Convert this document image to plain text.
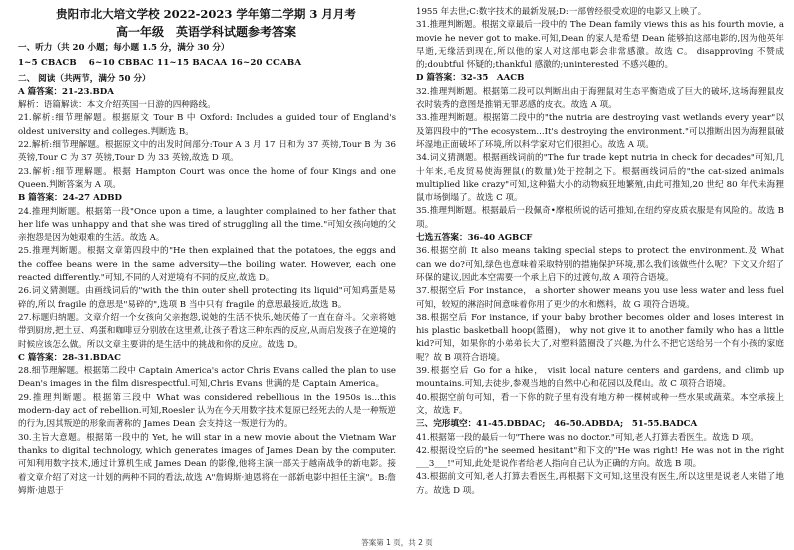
贵阳市北大培文学校 2022-2023 学年第二学期 3 月月考
高一年级　英语学科试题参考答案

一、听力（共 20 小题；每小题 1.5 分，满分 30 分）

1~5 CBACB　 6~10 CBBAC 11~15 BACAA 16~20 CCABA

二、 阅读（共两节，满分 50 分）

A 篇答案：21-23.BDA

解析：语篇解读：本文介绍英国一日游的四种路线。

21.解析:细节理解题。根据原文 Tour B 中 Oxford: Includes a guided tour of England's oldest university and colleges.判断选 B。

22.解析:细节理解题。根据原文中的出发时间部分:Tour A 3 月 17 日和为 37 英镑,Tour B 为 36 英镑,Tour C 为 37 英镑,Tour D 为 33 英镑,故选 D 项。

23.解析:细节理解题。根据 Hampton Court was once the home of four Kings and one Queen.判断答案为 A 项。

B 篇答案：24-27 ADBD

24.推理判断题。根据第一段"Once upon a time, a laughter complained to her father that her life was unhappy and that she was tired of struggling all the time."可知女孩向她的父亲抱怨是因为她艰难的生活。故选 A。

25.推理判断题。根据文章第四段中的"He then explained that the potatoes, the eggs and the coffee beans were in the same adversity—the boiling water. However, each one reacted differently."可知,不同的人对逆境有不同的反应,故选 D。

26.词义猜测题。由画线词后的"with the thin outer shell protecting its liquid"可知鸡蛋是易碎的,所以 fragile 的意思是"易碎的",选项 B 当中只有 fragile 的意思最接近,故选 B。

27.标题归纳题。文章介绍一个女孩向父亲抱怨,说她的生活不快乐,她厌倦了一直在奋斗。父亲将她带到厨房,把土豆、鸡蛋和咖啡豆分别放在这里煮,让孩子看这三种东西的反应,从而启发孩子在逆境的时候应该怎么做。所以文章主要讲的是生活中的挑战和你的反应。故选 D。

C 篇答案：28-31.BDAC

28.细节理解题。根据第二段中 Captain America's actor Chris Evans called the plan to use Dean's images in the film disrespectful.可知,Chris Evans 世满的是 Captain America。

29.推理判断题。根据第三段中 What was considered rebellious in the 1950s is...this modern-day act of rebellion.可知,Roesler 认为在今天用数字技术复原已经死去的人是一种叛逆的行为,因其叛逆的形象而著称的 James Dean 会支持这一叛逆行为的。

30.主旨大意题。根据第一段中的 Yet, he will star in a new movie about the Vietnam War thanks to digital technology, which generates images of James Dean by the computer.可知利用数字技术,通过计算机生成 James Dean 的影像,他将主演一部关于越南战争的新电影。接着文章介绍了对这一计划的两种不同的看法,故选 A"詹姆斯·迪恩将在一部新电影中担任主演"。B:詹姆斯·迪恩于

1955 年去世;C:数字技术的最新发展;D:一部曾经很受欢迎的电影又上映了。

31.推理判断题。根据文章最后一段中的 The Dean family views this as his fourth movie, a movie he never got to make.可知,Dean 的家人是希望 Dean 能够拍这部电影的,因为他英年早逝,无缘活到现在,所以他的家人对这部电影会非常感激。故选 C。 disapproving 不赞成的;doubtful 怀疑的;thankful 感激的;uninterested 不感兴趣的。

D 篇答案：32-35　AACB

32.推理判断题。根据第二段可以判断出由于海狸鼠对生态平衡造成了巨大的破坏,这场海狸鼠皮衣时装秀的意图是推销无罪恶感的皮衣。故选 A 项。

33.推理判断题。根据第二段中的"the nutria are destroying vast wetlands every year"以及第四段中的"The ecosystem...It's destroying the environment."可以推断出因为海狸鼠破坏湿地正面破坏了环境,所以科学家对它们很担心。故选 A 项。

34.词义猜测题。根据画线词前的"The fur trade kept nutria in check for decades"可知,几十年来,毛皮贸易使海狸鼠(的数量)处于控制之下。根据画线词后的"the cat-sized animals multiplied like crazy"可知,这种猫大小的动物疯狂地繁殖,由此可推知,20 世纪 80 年代未海狸鼠市场倒塌了。故选 C 项。

35.推理判断题。根据最后一段佩奇•摩根所说的话可推知,在纽约穿皮质衣服是有风险的。故选 B 项。

七选五答案：36-40 AGBCF

36.根据空前 It also means taking special steps to protect the environment.及 What can we do?可知,绿色也意味着采取特别的措施保护环境,那么我们该做些什么呢？下文又介绍了环保的建议,因此本空需要一个承上启下的过渡句,故 A 项符合语境。

37.根据空后 For instance， a shorter shower means you use less water and less fuel 可知，较短的淋浴时间意味着你用了更少的水和燃料，故 G 项符合语境。

38.根据空后 For instance, if your baby brother becomes older and loses interest in his plastic basketball hoop(篮圈)， why not give it to another family who has a little kid?可知，如果你的小弟弟长大了,对塑料篮圈没了兴趣,为什么不把它送给另一个有小孩的家庭呢？故 B 项符合语境。

39.根据空后 Go for a hike， visit local nature centers and gardens, and climb up mountains.可知,去徒步,参观当地的自然中心和花园以及爬山。故 C 项符合语境。

40.根据空前句可知，看一下你的院子里有没有地方种一棵树或种一些水果或蔬菜。本空承接上文，故选 F。

三、完形填空：41-45.DBDAC;　46-50.ADBDA;　51-55.BADCA

41.根据第一段的最后一句"There was no doctor."可知,老人打算去看医生。故选 D 项。

42.根据设空后的"he seemed hesitant"和下文的"He was right! He was not in the right ___3___!"可知,此处是说作者给老人指向自己认为正确的方向。故选 B 项。

43.根据前文可知,老人打算去看医生,再根据下文可知,这里没有医生,所以这里是说老人来错了地方。故选 D 项。

答案第 1 页，共 2 页
